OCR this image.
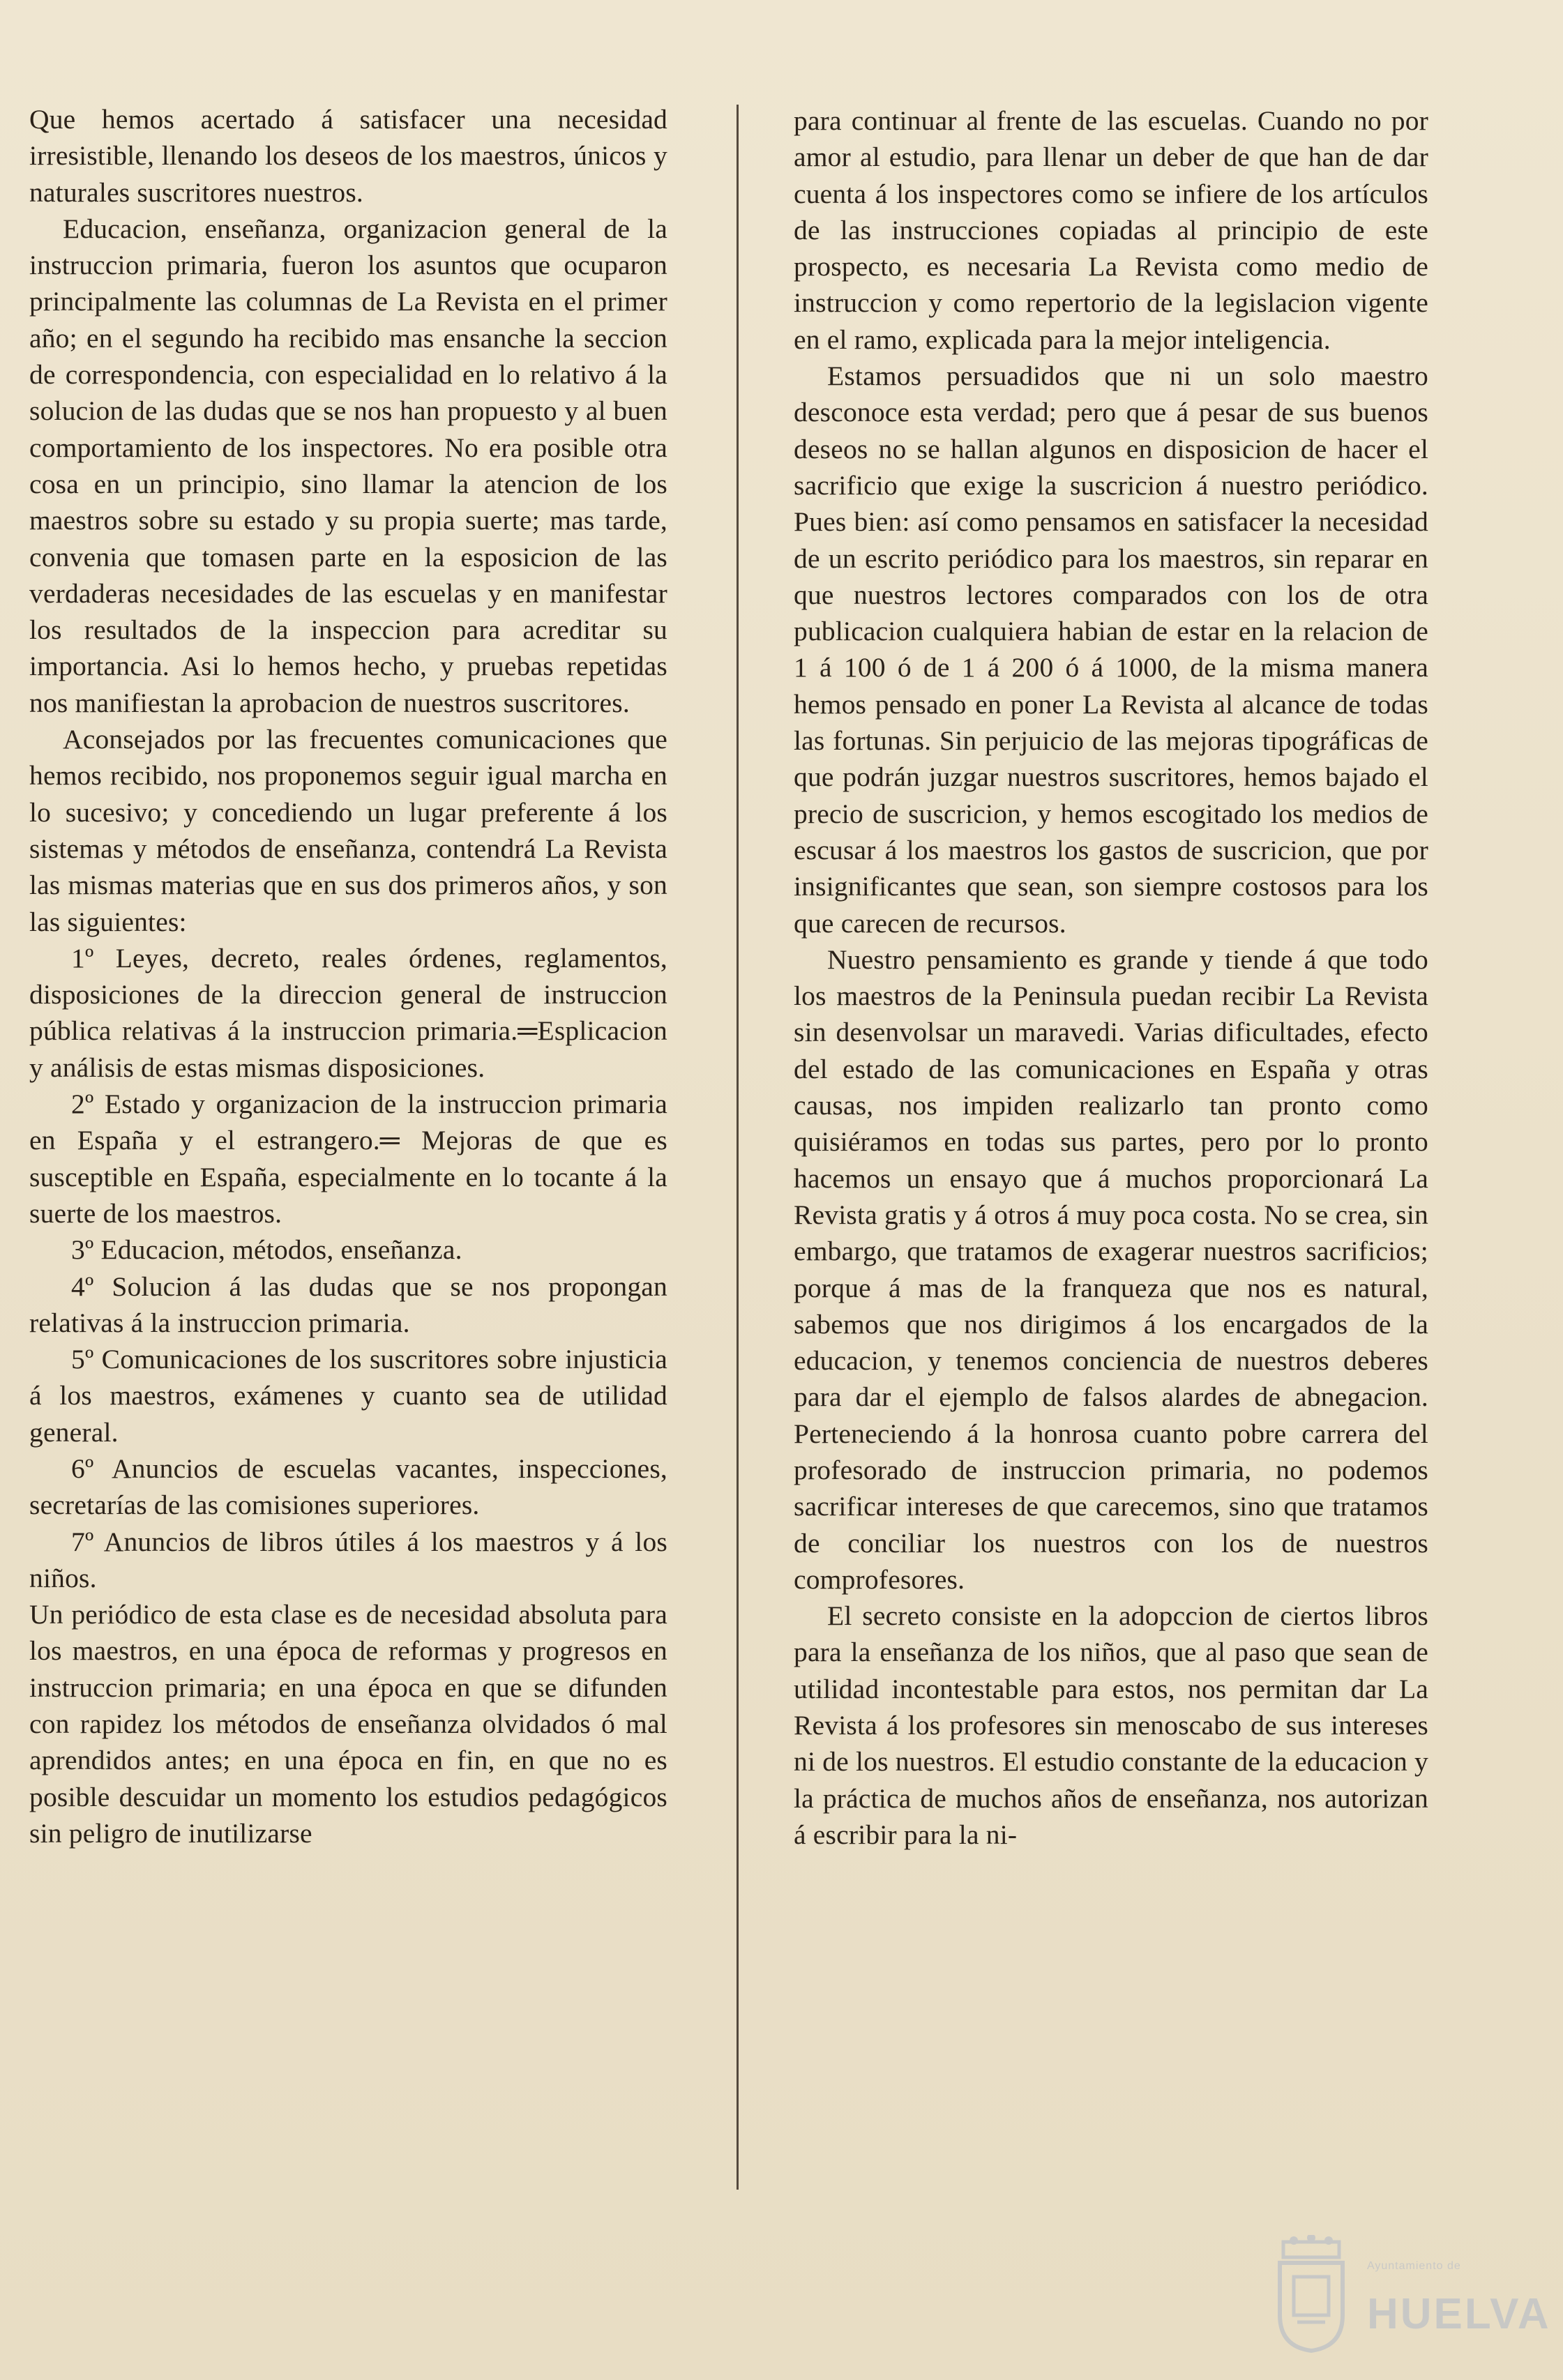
Que hemos acertado á satisfacer una necesidad irresistible, llenando los deseos de los maestros, únicos y naturales suscritores nuestros.

Educacion, enseñanza, organizacion general de la instruccion primaria, fueron los asuntos que ocuparon principalmente las columnas de La Revista en el primer año; en el segundo ha recibido mas ensanche la seccion de correspondencia, con especialidad en lo relativo á la solucion de las dudas que se nos han propuesto y al buen comportamiento de los inspectores. No era posible otra cosa en un principio, sino llamar la atencion de los maestros sobre su estado y su propia suerte; mas tarde, convenia que tomasen parte en la esposicion de las verdaderas necesidades de las escuelas y en manifestar los resultados de la inspeccion para acreditar su importancia. Asi lo hemos hecho, y pruebas repetidas nos manifiestan la aprobacion de nuestros suscritores.

Aconsejados por las frecuentes comunicaciones que hemos recibido, nos proponemos seguir igual marcha en lo sucesivo; y concediendo un lugar preferente á los sistemas y métodos de enseñanza, contendrá La Revista las mismas materias que en sus dos primeros años, y son las siguientes:

1º Leyes, decreto, reales órdenes, reglamentos, disposiciones de la direccion general de instruccion pública relativas á la instruccion primaria.═Esplicacion y análisis de estas mismas disposiciones.

2º Estado y organizacion de la instruccion primaria en España y el estrangero.═ Mejoras de que es susceptible en España, especialmente en lo tocante á la suerte de los maestros.

3º Educacion, métodos, enseñanza.

4º Solucion á las dudas que se nos propongan relativas á la instruccion primaria.

5º Comunicaciones de los suscritores sobre injusticia á los maestros, exámenes y cuanto sea de utilidad general.

6º Anuncios de escuelas vacantes, inspecciones, secretarías de las comisiones superiores.

7º Anuncios de libros útiles á los maestros y á los niños.

Un periódico de esta clase es de necesidad absoluta para los maestros, en una época de reformas y progresos en instruccion primaria; en una época en que se difunden con rapidez los métodos de enseñanza olvidados ó mal aprendidos antes; en una época en fin, en que no es posible descuidar un momento los estudios pedagógicos sin peligro de inutilizarse

para continuar al frente de las escuelas. Cuando no por amor al estudio, para llenar un deber de que han de dar cuenta á los inspectores como se infiere de los artículos de las instrucciones copiadas al principio de este prospecto, es necesaria La Revista como medio de instruccion y como repertorio de la legislacion vigente en el ramo, explicada para la mejor inteligencia.

Estamos persuadidos que ni un solo maestro desconoce esta verdad; pero que á pesar de sus buenos deseos no se hallan algunos en disposicion de hacer el sacrificio que exige la suscricion á nuestro periódico. Pues bien: así como pensamos en satisfacer la necesidad de un escrito periódico para los maestros, sin reparar en que nuestros lectores comparados con los de otra publicacion cualquiera habian de estar en la relacion de 1 á 100 ó de 1 á 200 ó á 1000, de la misma manera hemos pensado en poner La Revista al alcance de todas las fortunas. Sin perjuicio de las mejoras tipográficas de que podrán juzgar nuestros suscritores, hemos bajado el precio de suscricion, y hemos escogitado los medios de escusar á los maestros los gastos de suscricion, que por insignificantes que sean, son siempre costosos para los que carecen de recursos.

Nuestro pensamiento es grande y tiende á que todo los maestros de la Peninsula puedan recibir La Revista sin desenvolsar un maravedi. Varias dificultades, efecto del estado de las comunicaciones en España y otras causas, nos impiden realizarlo tan pronto como quisiéramos en todas sus partes, pero por lo pronto hacemos un ensayo que á muchos proporcionará La Revista gratis y á otros á muy poca costa. No se crea, sin embargo, que tratamos de exagerar nuestros sacrificios; porque á mas de la franqueza que nos es natural, sabemos que nos dirigimos á los encargados de la educacion, y tenemos conciencia de nuestros deberes para dar el ejemplo de falsos alardes de abnegacion. Perteneciendo á la honrosa cuanto pobre carrera del profesorado de instruccion primaria, no podemos sacrificar intereses de que carecemos, sino que tratamos de conciliar los nuestros con los de nuestros comprofesores.

El secreto consiste en la adopccion de ciertos libros para la enseñanza de los niños, que al paso que sean de utilidad incontestable para estos, nos permitan dar La Revista á los profesores sin menoscabo de sus intereses ni de los nuestros. El estudio constante de la educacion y la práctica de muchos años de enseñanza, nos autorizan á escribir para la ni-

Ayuntamiento de
HUELVA
